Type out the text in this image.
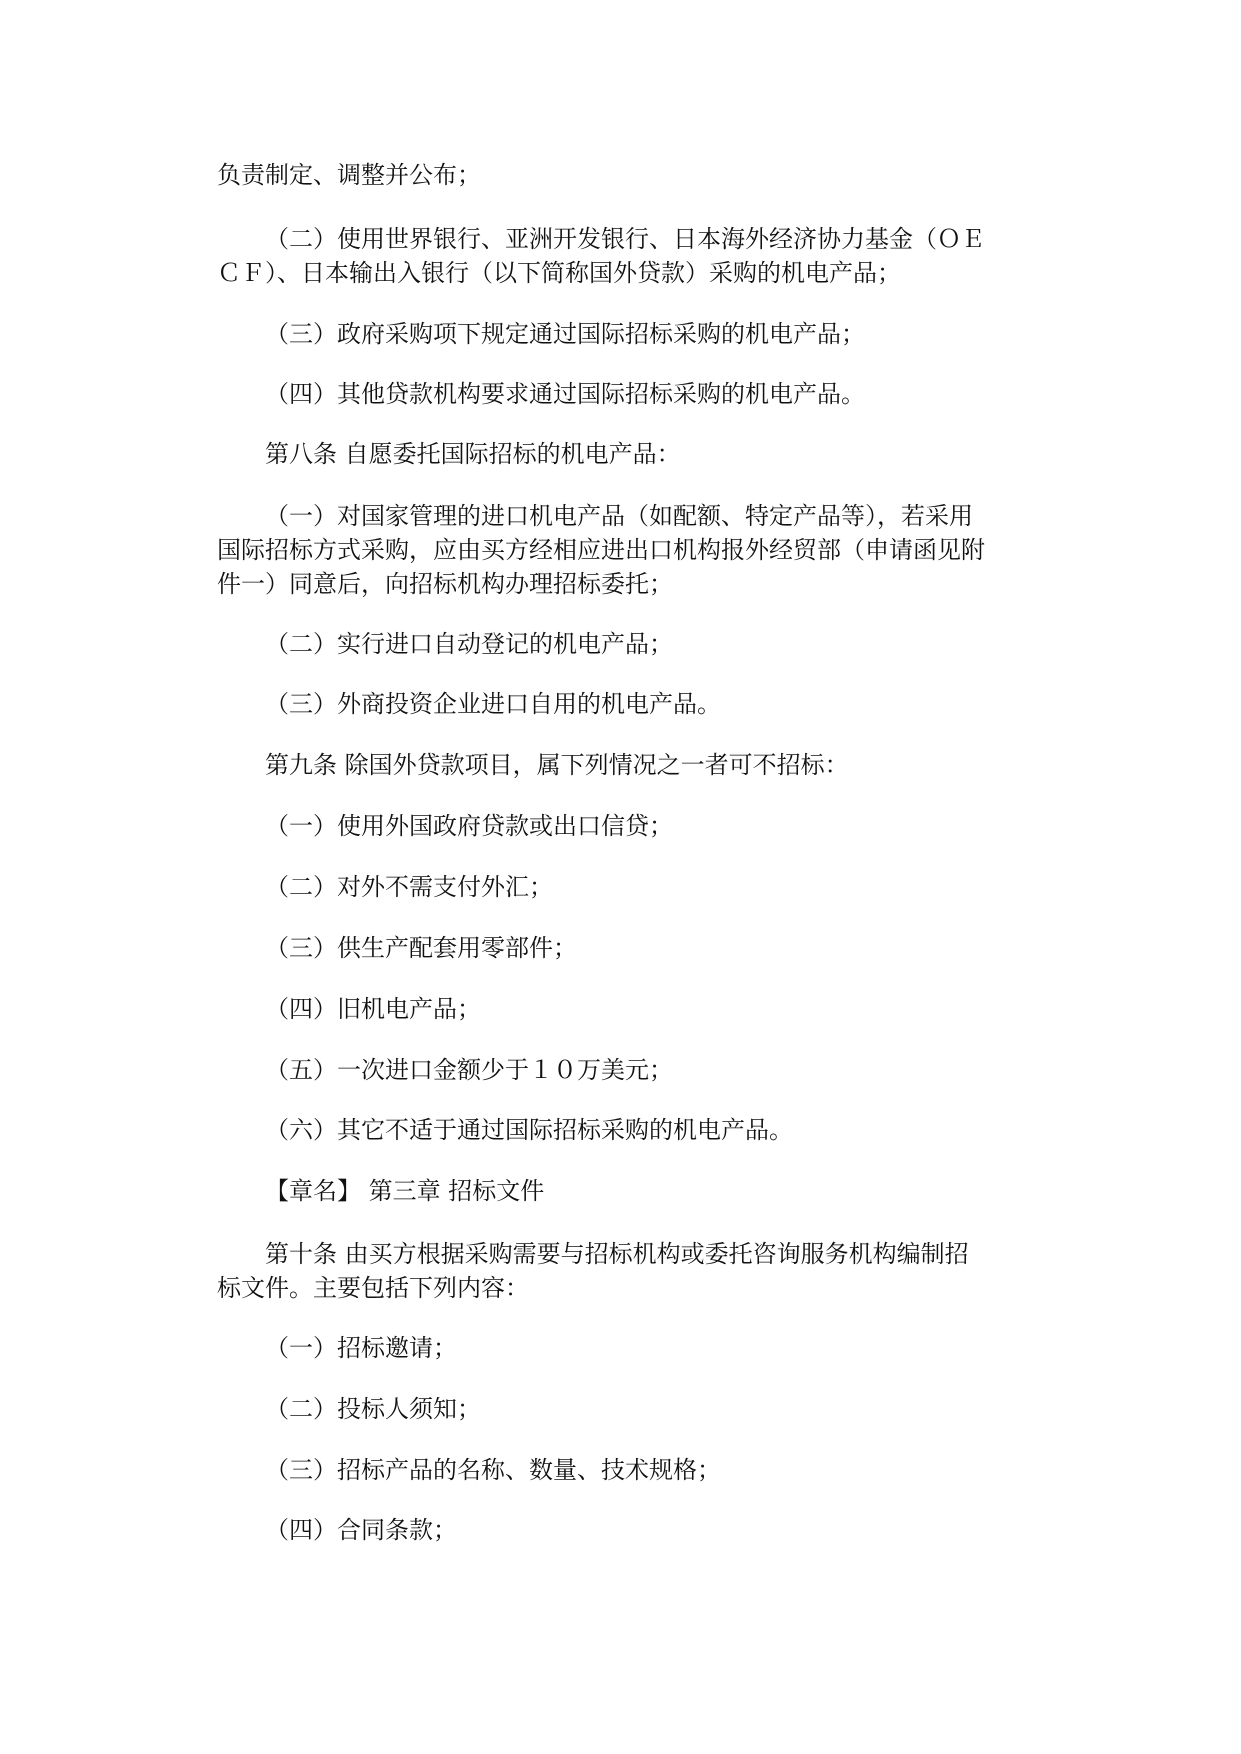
负责制定、调整并公布；

（二）使用世界银行、亚洲开发银行、日本海外经济协力基金（ＯＥ
ＣＦ）、日本输出入银行（以下简称国外贷款）采购的机电产品；

（三）政府采购项下规定通过国际招标采购的机电产品；

（四）其他贷款机构要求通过国际招标采购的机电产品。

第八条 自愿委托国际招标的机电产品：

（一）对国家管理的进口机电产品（如配额、特定产品等），若采用
国际招标方式采购，应由买方经相应进出口机构报外经贸部（申请函见附
件一）同意后，向招标机构办理招标委托；

（二）实行进口自动登记的机电产品；

（三）外商投资企业进口自用的机电产品。

第九条 除国外贷款项目，属下列情况之一者可不招标：

（一）使用外国政府贷款或出口信贷；

（二）对外不需支付外汇；

（三）供生产配套用零部件；

（四）旧机电产品；

（五）一次进口金额少于１０万美元；

（六）其它不适于通过国际招标采购的机电产品。

【章名】 第三章 招标文件

第十条 由买方根据采购需要与招标机构或委托咨询服务机构编制招
标文件。主要包括下列内容：

（一）招标邀请；

（二）投标人须知；

（三）招标产品的名称、数量、技术规格；

（四）合同条款；
